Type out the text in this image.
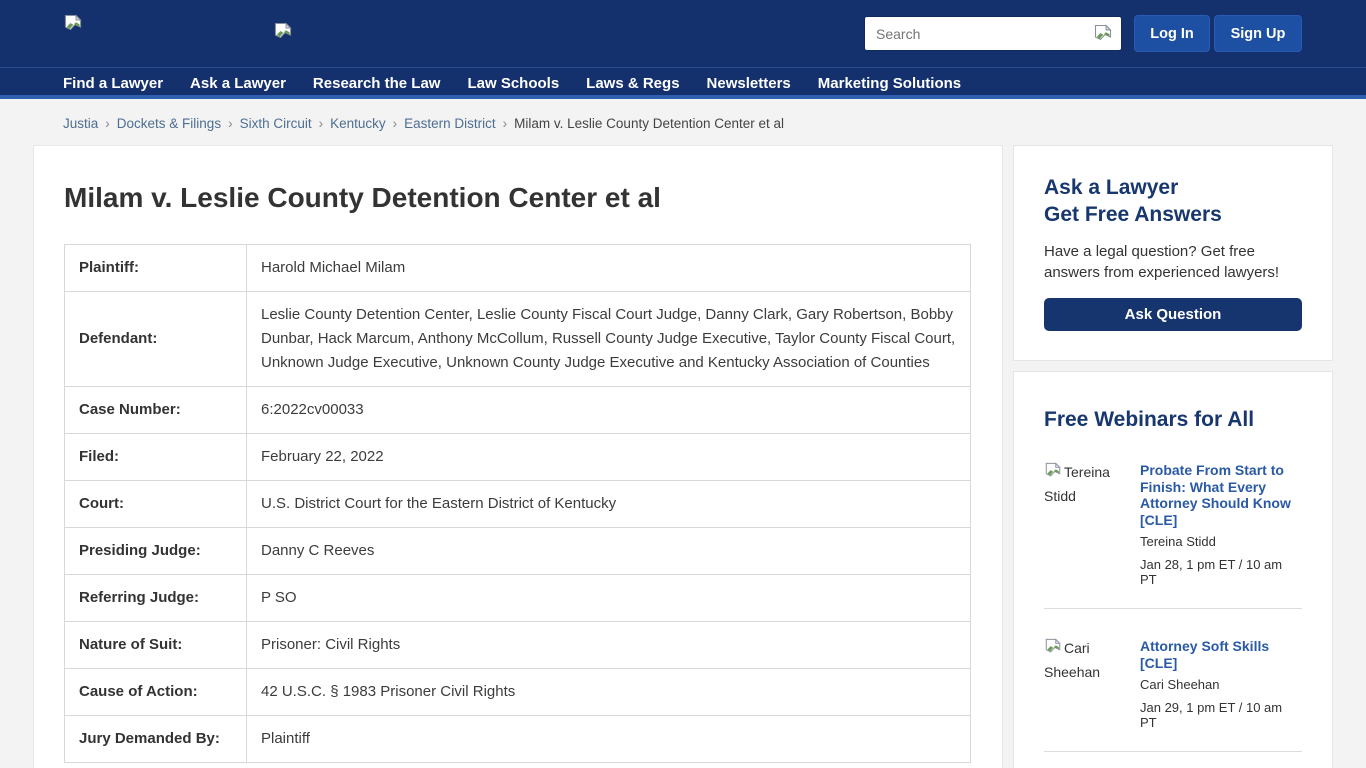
Search
Log In	Sign Up
Find a Lawyer Ask a Lawyer Research the Law Law Schools Laws & Regs Newsletters Marketing Solutions
Justia › Dockets & Filings › Sixth Circuit › Kentucky › Eastern District › Milam v. Leslie County Detention Center et al
Milam v. Leslie County Detention Center et al
Plaintiff:	Harold Michael Milam
Defendant:	Leslie County Detention Center, Leslie County Fiscal Court Judge, Danny Clark, Gary Robertson, Bobby Dunbar, Hack Marcum, Anthony McCollum, Russell County Judge Executive, Taylor County Fiscal Court, Unknown Judge Executive, Unknown County Judge Executive and Kentucky Association of Counties
Case Number:	6:2022cv00033
Filed:	February 22, 2022
Court:	U.S. District Court for the Eastern District of Kentucky
Presiding Judge:	Danny C Reeves
Referring Judge:	P SO
Nature of Suit:	Prisoner: Civil Rights
Cause of Action:	42 U.S.C. § 1983 Prisoner Civil Rights
Jury Demanded By:	Plaintiff
Ask a Lawyer
Get Free Answers

Have a legal question? Get free answers from experienced lawyers!

Ask Question
Free Webinars for All
Tereina Stidd
Probate From Start to Finish: What Every Attorney Should Know [CLE]
Tereina Stidd
Jan 28, 1 pm ET / 10 am PT
Cari Sheehan
Attorney Soft Skills [CLE]
Cari Sheehan
Jan 29, 1 pm ET / 10 am PT
